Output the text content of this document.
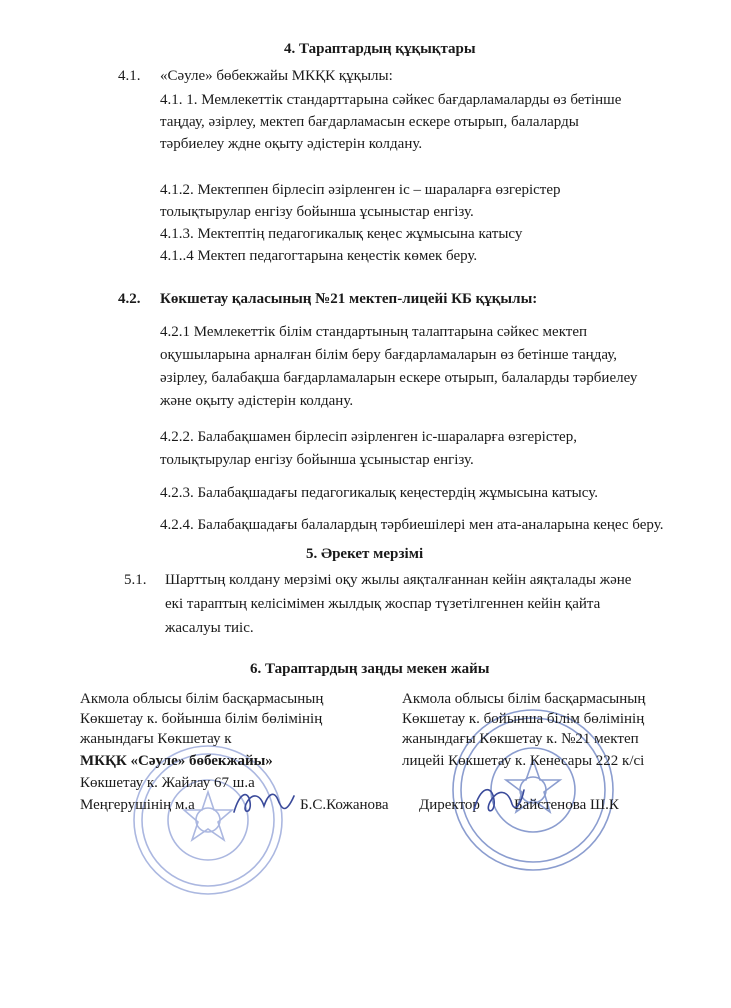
4. Тараптардың құқықтары
4.1. «Сәуле» бөбекжайы МКҚК құқылы:
4.1. 1. Мемлекеттік стандарттарына сәйкес бағдарламаларды өз бетінше
таңдау, әзірлеу, мектеп бағдарламасын ескере отырып, балаларды
тәрбиелеу ждне оқыту әдістерін колдану.
4.1.2. Мектеппен бірлесіп әзірленген іс – шараларға өзгерістер
толықтырулар енгізу бойынша ұсыныстар енгізу.
4.1.3. Мектептің педагогикалық кеңес жұмысына катысу
4.1..4 Мектеп педагогтарына кеңестік көмек беру.
4.2. Көкшетау қаласының №21 мектеп-лицейі КБ құқылы:
4.2.1 Мемлекеттік білім стандартының талаптарына сәйкес мектеп
оқушыларына арналған білім беру бағдарламаларын өз бетінше таңдау,
әзірлеу, балабақша бағдарламаларын ескере отырып, балаларды тәрбиелеу
және оқыту әдістерін колдану.
4.2.2. Балабақшамен бірлесіп әзірленген іс-шараларға өзгерістер,
толықтырулар енгізу бойынша ұсыныстар енгізу.
4.2.3. Балабақшадағы педагогикалық кеңестердің жұмысына катысу.
4.2.4. Балабақшадағы балалардың тәрбиешілері мен ата-аналарына кеңес беру.
5. Әрекет мерзімі
5.1. Шарттың колдану мерзімі оқу жылы аяқталғаннан кейін аяқталады және
екі тараптың келісімімен жылдық жоспар түзетілгеннен кейін қайта
жасалуы тиіс.
6. Тараптардың заңды мекен жайы
Акмола облысы білім басқармасының
Көкшетау к. бойынша білім бөлімінің
жанындағы Көкшетау к
МКҚК «Сәуле» бөбекжайы»
Көкшетау к. Жайлау 67 ш.а
Меңгерушінің м.а	Б.С.Кожанова
Акмола облысы білім басқармасының
Көкшетау к. бойынша білім бөлімінің
жанындағы Көкшетау к. №21 мектеп
лицейі Көкшетау к. Кенесары 222 к/сі
Директор Байстенова Ш.К
